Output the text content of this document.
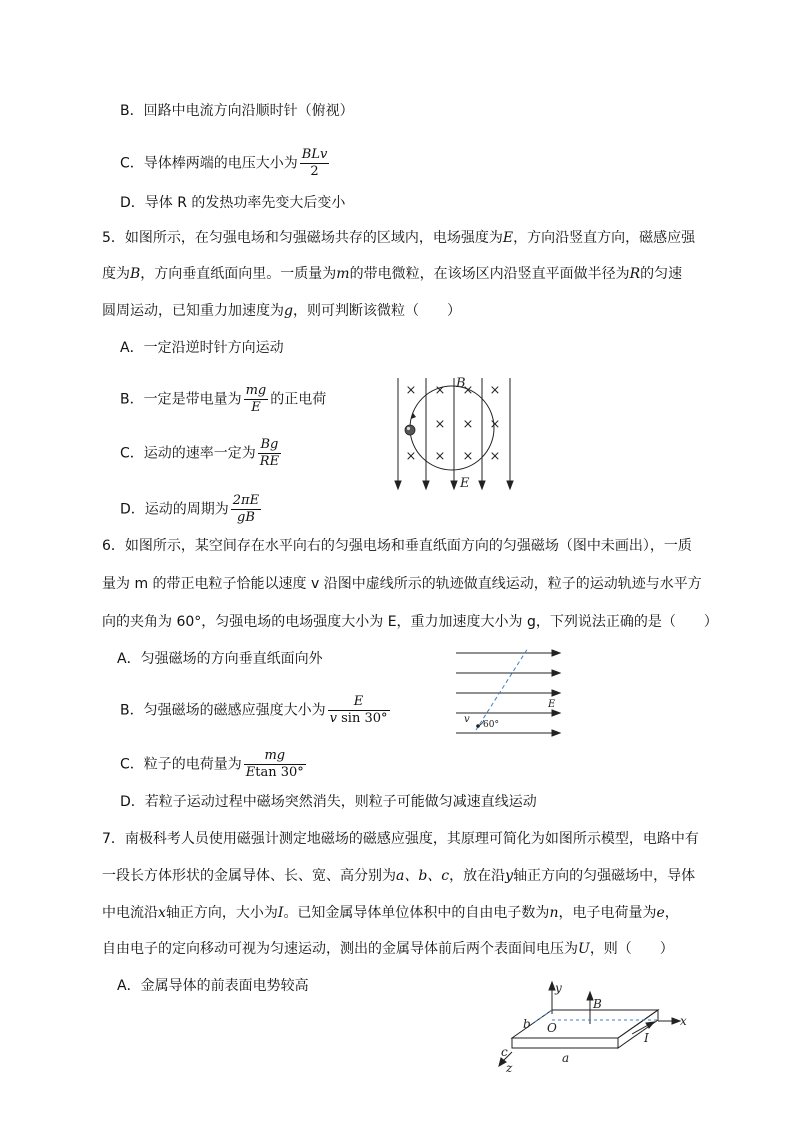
B．回路中电流方向沿顺时针（俯视）
C．导体棒两端的电压大小为 $\frac{\text{BLv}}{2}$
D．导体 R 的发热功率先变大后变小
5．如图所示，在匀强电场和匀强磁场共存的区域内，电场强度为E，方向沿竖直方向，磁感应强
度为B，方向垂直纸面向里。一质量为m的带电微粒，在该场区内沿竖直平面做半径为R的匀速
圆周运动，已知重力加速度为g，则可判断该微粒（　　）
A．一定沿逆时针方向运动
B．一定是带电量为 $\frac{mg}{E}$ 的正电荷
C．运动的速率一定为 $\frac{Bg}{RE}$
D．运动的周期为 $\frac{2\pi E}{gB}$
× × × ×
× × ×
× × × ×
B
E
6．如图所示，某空间存在水平向右的匀强电场和垂直纸面方向的匀强磁场（图中未画出），一质
量为 m 的带正电粒子恰能以速度 v 沿图中虚线所示的轨迹做直线运动，粒子的运动轨迹与水平方
向的夹角为 60°，匀强电场的电场强度大小为 E，重力加速度大小为 g，下列说法正确的是（　　）
A．匀强磁场的方向垂直纸面向外
B．匀强磁场的磁感应强度大小为 $\frac{E}{\text{v sin 30°}}$
C．粒子的电荷量为 $\frac{mg}{Etan 30^\circ}$
D．若粒子运动过程中磁场突然消失，则粒子可能做匀减速直线运动
E
v 60°
7．南极科考人员使用磁强计测定地磁场的磁感应强度，其原理可简化为如图所示模型，电路中有
一段长方体形状的金属导体、长、宽、高分别为a、b、c，放在沿y轴正方向的匀强磁场中，导体
中电流沿x轴正方向，大小为I。已知金属导体单位体积中的自由电子数为n，电子电荷量为e，
自由电子的定向移动可视为匀速运动，测出的金属导体前后两个表面间电压为U，则（　　）
A．金属导体的前表面电势较高	y
B
x
O
b
I
c	a
z
